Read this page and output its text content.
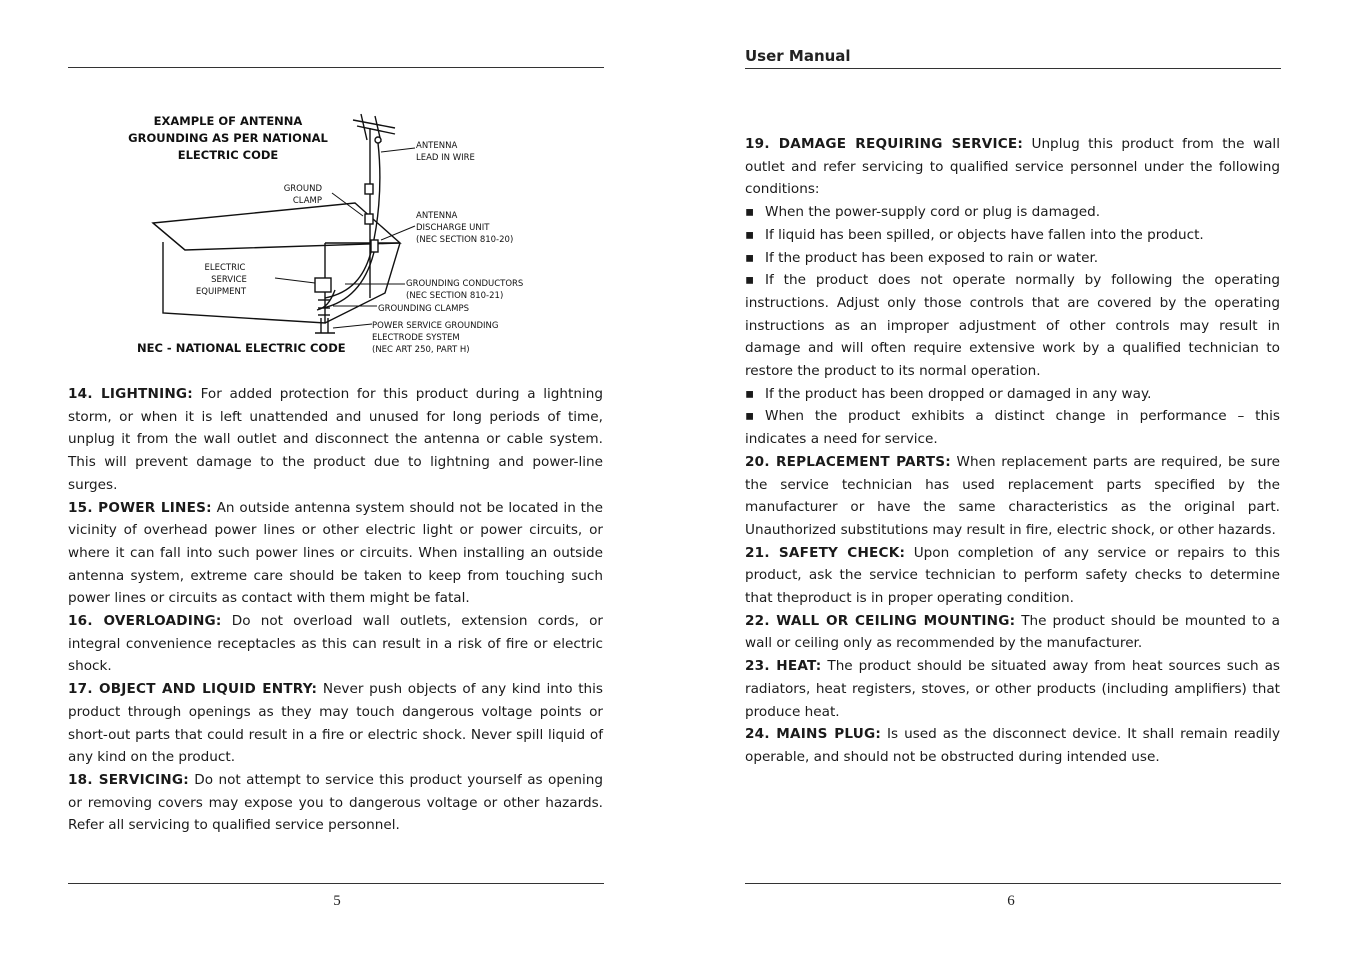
User Manual
EXAMPLE OF ANTENNA
GROUNDING AS PER NATIONAL
ELECTRIC CODE
ANTENNA
LEAD IN WIRE
GROUND
CLAMP
ANTENNA
DISCHARGE UNIT
(NEC SECTION 810-20)
ELECTRIC
SERVICE
EQUIPMENT
GROUNDING CONDUCTORS
(NEC SECTION 810-21)
GROUNDING CLAMPS
POWER SERVICE GROUNDING
ELECTRODE SYSTEM
(NEC ART 250, PART H)
NEC - NATIONAL ELECTRIC CODE

14. LIGHTNING: For added protection for this product during a lightning storm, or when it is left unattended and unused for long periods of time, unplug it from the wall outlet and disconnect the antenna or cable system. This will prevent damage to the product due to lightning and power-line surges.

15. POWER LINES: An outside antenna system should not be located in the vicinity of overhead power lines or other electric light or power circuits, or where it can fall into such power lines or circuits. When installing an outside antenna system, extreme care should be taken to keep from touching such power lines or circuits as contact with them might be fatal.

16. OVERLOADING: Do not overload wall outlets, extension cords, or integral convenience receptacles as this can result in a risk of fire or electric shock.

17. OBJECT AND LIQUID ENTRY: Never push objects of any kind into this product through openings as they may touch dangerous voltage points or short-out parts that could result in a fire or electric shock. Never spill liquid of any kind on the product.

18. SERVICING: Do not attempt to service this product yourself as opening or removing covers may expose you to dangerous voltage or other hazards. Refer all servicing to qualified service personnel.

19. DAMAGE REQUIRING SERVICE: Unplug this product from the wall outlet and refer servicing to qualified service personnel under the following conditions:

▪ When the power-supply cord or plug is damaged.

▪ If liquid has been spilled, or objects have fallen into the product.

▪ If the product has been exposed to rain or water.

▪ If the product does not operate normally by following the operating instructions. Adjust only those controls that are covered by the operating instructions as an improper adjustment of other controls may result in damage and will often require extensive work by a qualified technician to restore the product to its normal operation.

▪ If the product has been dropped or damaged in any way.

▪ When the product exhibits a distinct change in performance – this indicates a need for service.

20. REPLACEMENT PARTS: When replacement parts are required, be sure the service technician has used replacement parts specified by the manufacturer or have the same characteristics as the original part. Unauthorized substitutions may result in fire, electric shock, or other hazards.

21. SAFETY CHECK: Upon completion of any service or repairs to this product, ask the service technician to perform safety checks to determine that theproduct is in proper operating condition.

22. WALL OR CEILING MOUNTING: The product should be mounted to a wall or ceiling only as recommended by the manufacturer.

23. HEAT: The product should be situated away from heat sources such as radiators, heat registers, stoves, or other products (including amplifiers) that produce heat.

24. MAINS PLUG: Is used as the disconnect device. It shall remain readily operable, and should not be obstructed during intended use.

5	6
